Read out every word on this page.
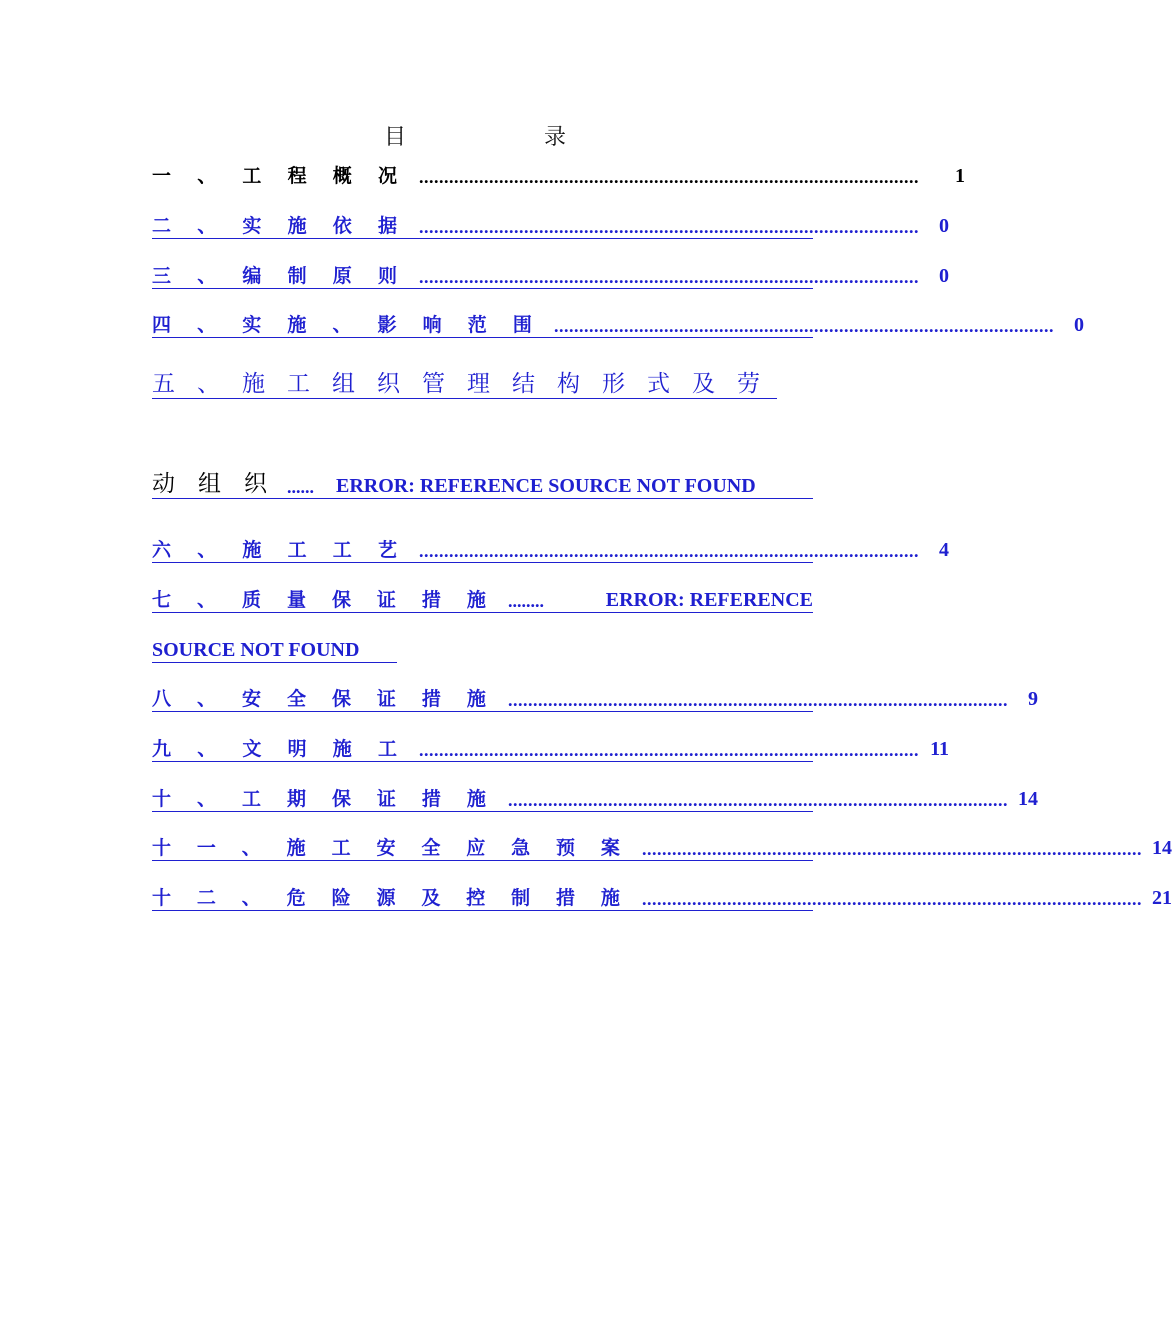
目　录
一 、 工 程 概 况 ....................................................................................................	1
二 、 实 施 依 据 ....................................................................................................	0
三 、 编 制 原 则 ....................................................................................................	0
四 、 实 施 、 影 响 范 围 ....................................................................................................	0
五 、 施 工 组 织 管 理 结 构 形 式 及 劳
动 组 织 ...... ERROR: REFERENCE SOURCE NOT FOUND
六 、 施 工 工 艺 ....................................................................................................	4
七 、 质 量 保 证 措 施 ........	ERROR: REFERENCE
SOURCE NOT FOUND
八 、 安 全 保 证 措 施 ....................................................................................................	9
九 、 文 明 施 工 .................................................................................................... 11
十 、 工 期 保 证 措 施 .................................................................................................... 14
十 一 、 施 工 安 全 应 急 预 案 .................................................................................................... 14
十 二 、 危 险 源 及 控 制 措 施 .................................................................................................... 21
